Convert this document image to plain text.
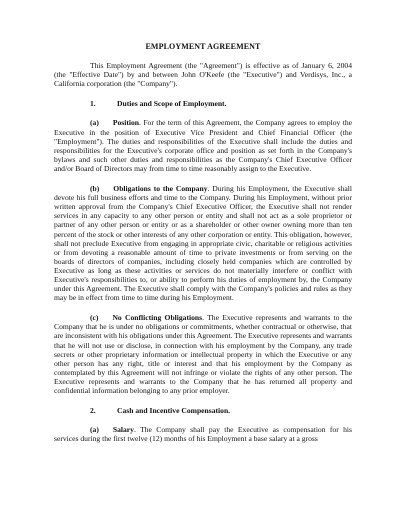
EMPLOYMENT AGREEMENT
This Employment Agreement (the "Agreement") is effective as of January 6, 2004 (the "Effective Date") by and between John O'Keefe (the "Executive") and Verdisys, Inc., a California corporation (the "Company").
1.	Duties and Scope of Employment.
(a) Position. For the term of this Agreement, the Company agrees to employ the Executive in the position of Executive Vice President and Chief Financial Officer (the "Employment"). The duties and responsibilities of the Executive shall include the duties and responsibilities for the Executive's corporate office and position as set forth in the Company's bylaws and such other duties and responsibilities as the Company's Chief Executive Officer and/or Board of Directors may from time to time reasonably assign to the Executive.
(b) Obligations to the Company. During his Employment, the Executive shall devote his full business efforts and time to the Company. During his Employment, without prior written approval from the Company's Chief Executive Officer, the Executive shall not render services in any capacity to any other person or entity and shall not act as a sole proprietor or partner of any other person or entity or as a shareholder or other owner owning more than ten percent of the stock or other interests of any other corporation or entity. This obligation, however, shall not preclude Executive from engaging in appropriate civic, charitable or religious activities or from devoting a reasonable amount of time to private investments or from serving on the boards of directors of companies, including closely held companies which are controlled by Executive as long as these activities or services do not materially interfere or conflict with Executive's responsibilities to, or ability to perform his duties of employment by, the Company under this Agreement. The Executive shall comply with the Company's policies and rules as they may be in effect from time to time during his Employment.
(c) No Conflicting Obligations. The Executive represents and warrants to the Company that he is under no obligations or commitments, whether contractual or otherwise, that are inconsistent with his obligations under this Agreement. The Executive represents and warrants that he will not use or disclose, in connection with his employment by the Company, any trade secrets or other proprietary information or intellectual property in which the Executive or any other person has any right, title or interest and that his employment by the Company as contemplated by this Agreement will not infringe or violate the rights of any other person. The Executive represents and warrants to the Company that he has returned all property and confidential information belonging to any prior employer.
2.	Cash and Incentive Compensation.
(a) Salary. The Company shall pay the Executive as compensation for his services during the first twelve (12) months of his Employment a base salary at a gross
